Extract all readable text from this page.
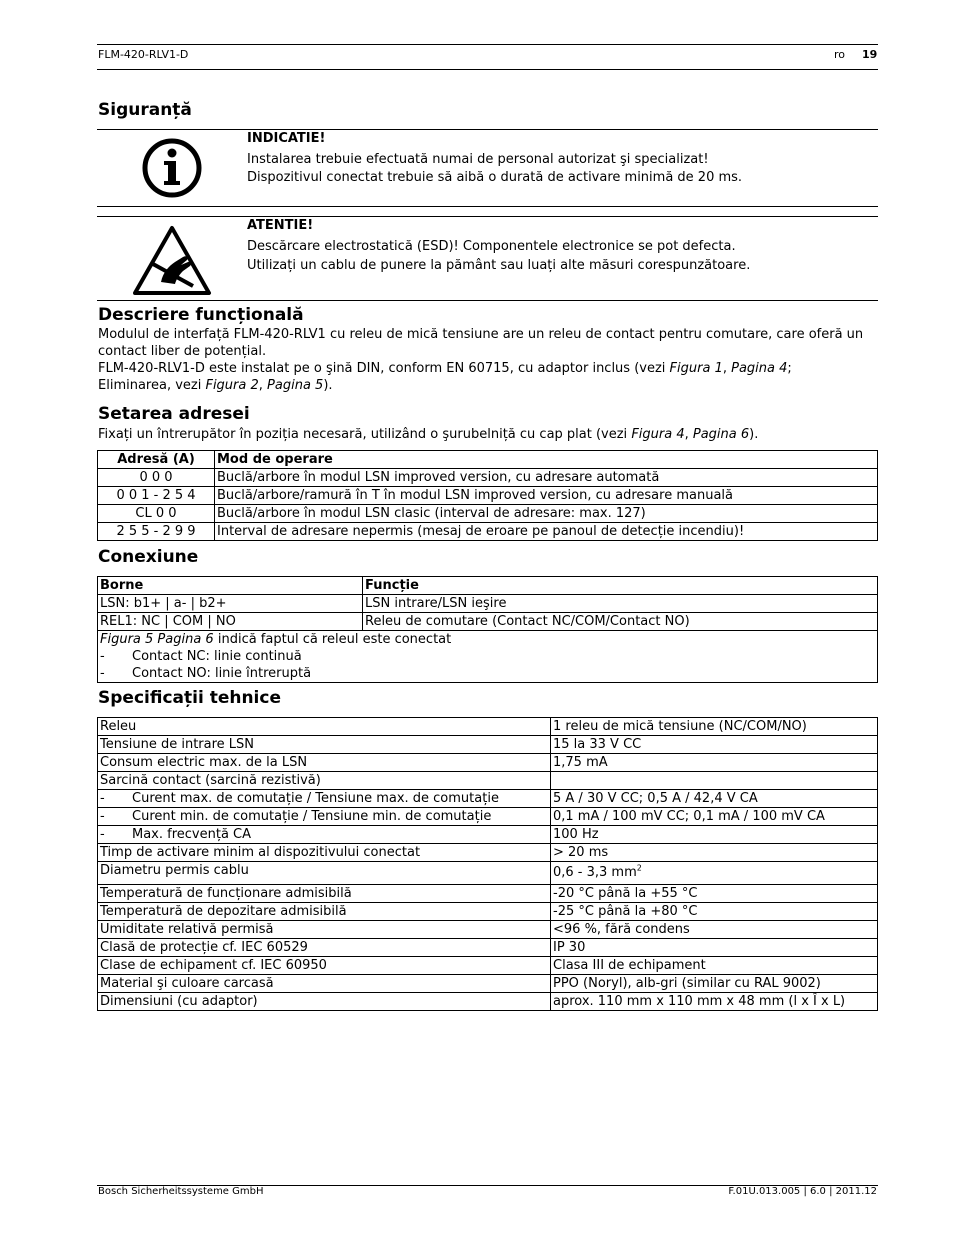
FLM-420-RLV1-D	ro 19
Siguranță
INDICATIE!
Instalarea trebuie efectuată numai de personal autorizat şi specializat!
Dispozitivul conectat trebuie să aibă o durată de activare minimă de 20 ms.
ATENTIE!
Descărcare electrostatică (ESD)! Componentele electronice se pot defecta.
Utilizați un cablu de punere la pământ sau luați alte măsuri corespunzătoare.
Descriere funcțională
Modulul de interfață FLM-420-RLV1 cu releu de mică tensiune are un releu de contact pentru comutare, care oferă un
contact liber de potențial.
FLM-420-RLV1-D este instalat pe o şină DIN, conform EN 60715, cu adaptor inclus (vezi Figura 1, Pagina 4;
Eliminarea, vezi Figura 2, Pagina 5).
Setarea adresei
Fixați un întrerupător în poziția necesară, utilizând o şurubelniță cu cap plat (vezi Figura 4, Pagina 6).
Adresă (A)	Mod de operare
0 0 0	Buclă/arbore în modul LSN improved version, cu adresare automată
0 0 1 - 2 5 4	Buclă/arbore/ramură în T în modul LSN improved version, cu adresare manuală
CL 0 0	Buclă/arbore în modul LSN clasic (interval de adresare: max. 127)
2 5 5 - 2 9 9	Interval de adresare nepermis (mesaj de eroare pe panoul de detecție incendiu)!
Conexiune
Borne	Funcție
LSN: b1+ | a- | b2+	LSN intrare/LSN ieşire
REL1: NC | COM | NO	Releu de comutare (Contact NC/COM/Contact NO)

Figura 5 Pagina 6 indică faptul că releul este conectat
- Contact NC: linie continuă
- Contact NO: linie întreruptă	
Specificații tehnice
Releu	1 releu de mică tensiune (NC/COM/NO)
Tensiune de intrare LSN	15 la 33 V CC
Consum electric max. de la LSN	1,75 mA
Sarcină contact (sarcină rezistivă)	
- Curent max. de comutație / Tensiune max. de comutație	5 A / 30 V CC; 0,5 A / 42,4 V CA
- Curent min. de comutație / Tensiune min. de comutație	0,1 mA / 100 mV CC; 0,1 mA / 100 mV CA
- Max. frecvență CA	100 Hz
Timp de activare minim al dispozitivului conectat	> 20 ms
Diametru permis cablu	0,6 - 3,3 $mm^2$
Temperatură de funcționare admisibilă	-20 °C până la +55 °C
Temperatură de depozitare admisibilă	-25 °C până la +80 °C
Umiditate relativă permisă	<96 %, fără condens
Clasă de protecție cf. IEC 60529	IP 30
Clase de echipament cf. IEC 60950	Clasa III de echipament
Material şi culoare carcasă	PPO (Noryl), alb-gri (similar cu RAL 9002)
Dimensiuni (cu adaptor)	aprox. 110 mm x 110 mm x 48 mm (l x Î x L)
Bosch Sicherheitssysteme GmbH	F.01U.013.005 | 6.0 | 2011.12
